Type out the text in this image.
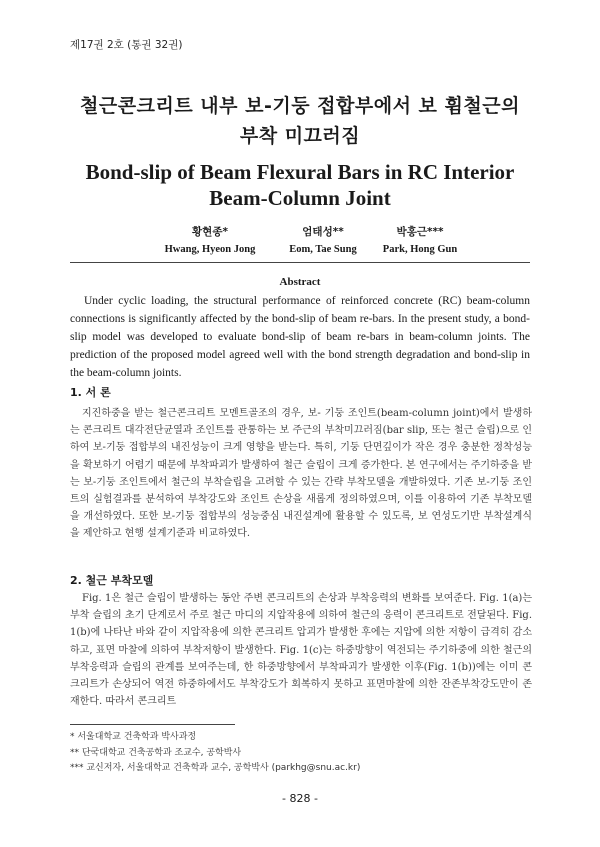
제17권 2호 (통권 32권)
철근콘크리트 내부 보-기둥 접합부에서 보 휨철근의
부착 미끄러짐
Bond-slip of Beam Flexural Bars in RC Interior
Beam-Column Joint
황현종*
Hwang, Hyeon Jong
엄태성**
Eom, Tae Sung
박홍근***
Park, Hong Gun
Abstract
Under cyclic loading, the structural performance of reinforced concrete (RC) beam-column connections is significantly affected by the bond-slip of beam re-bars. In the present study, a bond-slip model was developed to evaluate bond-slip of beam re-bars in beam-column joints. The prediction of the proposed model agreed well with the bond strength degradation and bond-slip in the beam-column joints.
1. 서 론
지진하중을 받는 철근콘크리트 모멘트골조의 경우, 보- 기둥 조인트(beam-column joint)에서 발생하는 콘크리트 대각전단균열과 조인트를 관통하는 보 주근의 부착미끄러짐(bar slip, 또는 철근 슬립)으로 인하여 보-기둥 접합부의 내진성능이 크게 영향을 받는다. 특히, 기둥 단면깊이가 작은 경우 충분한 정착성능을 확보하기 어렵기 때문에 부착파괴가 발생하여 철근 슬립이 크게 증가한다. 본 연구에서는 주기하중을 받는 보-기둥 조인트에서 철근의 부착슬립을 고려할 수 있는 간략 부착모델을 개발하였다. 기존 보-기둥 조인트의 실험결과를 분석하여 부착강도와 조인트 손상을 새롭게 정의하였으며, 이를 이용하여 기존 부착모델을 개선하였다. 또한 보-기둥 접합부의 성능중심 내진설계에 활용할 수 있도록, 보 연성도기반 부착설계식을 제안하고 현행 설계기준과 비교하였다.
2. 철근 부착모델
Fig. 1은 철근 슬립이 발생하는 동안 주변 콘크리트의 손상과 부착응력의 변화를 보여준다. Fig. 1(a)는 부착 슬립의 초기 단계로서 주로 철근 마디의 지압작용에 의하여 철근의 응력이 콘크리트로 전달된다. Fig. 1(b)에 나타난 바와 같이 지압작용에 의한 콘크리트 압괴가 발생한 후에는 지압에 의한 저항이 급격히 감소하고, 표면 마찰에 의하여 부착저항이 발생한다. Fig. 1(c)는 하중방향이 역전되는 주기하중에 의한 철근의 부착응력과 슬립의 관계를 보여주는데, 한 하중방향에서 부착파괴가 발생한 이후(Fig. 1(b))에는 이미 콘크리트가 손상되어 역전 하중하에서도 부착강도가 회복하지 못하고 표면마찰에 의한 잔존부착강도만이 존재한다. 따라서 콘크리트
* 서울대학교 건축학과 박사과정
** 단국대학교 건축공학과 조교수, 공학박사
*** 교신저자, 서울대학교 건축학과 교수, 공학박사 (parkhg@snu.ac.kr)
- 828 -
